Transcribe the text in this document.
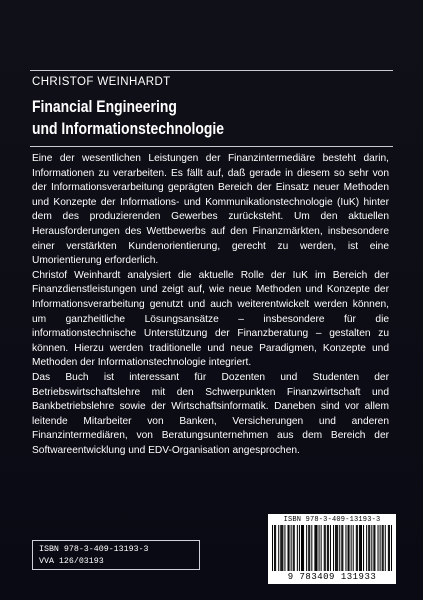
CHRISTOF WEINHARDT
Financial Engineering
und Informationstechnologie

Eine der wesentlichen Leistungen der Finanzintermediäre besteht darin, Informationen zu verarbeiten. Es fällt auf, daß gerade in diesem so sehr von der Informationsverarbeitung geprägten Bereich der Einsatz neuer Methoden und Konzepte der Informations- und Kommunikationstechnologie (IuK) hinter dem des produzierenden Gewerbes zurücksteht. Um den aktuellen Herausforderungen des Wettbewerbs auf den Finanzmärkten, insbesondere einer verstärkten Kundenorientierung, gerecht zu werden, ist eine Umorientierung erforderlich.

Christof Weinhardt analysiert die aktuelle Rolle der IuK im Bereich der Finanzdienstleistungen und zeigt auf, wie neue Methoden und Konzepte der Informationsverarbeitung genutzt und auch weiterentwickelt werden können, um ganzheitliche Lösungsansätze – insbesondere für die informationstechnische Unterstützung der Finanzberatung – gestalten zu können. Hierzu werden traditionelle und neue Paradigmen, Konzepte und Methoden der Informationstechnologie integriert.

Das Buch ist interessant für Dozenten und Studenten der Betriebswirtschaftslehre mit den Schwerpunkten Finanzwirtschaft und Bankbetriebslehre sowie der Wirtschaftsinformatik. Daneben sind vor allem leitende Mitarbeiter von Banken, Versicherungen und anderen Finanzintermediären, von Beratungsunternehmen aus dem Bereich der Softwareentwicklung und EDV-Organisation angesprochen.

ISBN 978-3-409-13193-3
VVA 126/03193
ISBN 978-3-409-13193-3
9 783409 131933
